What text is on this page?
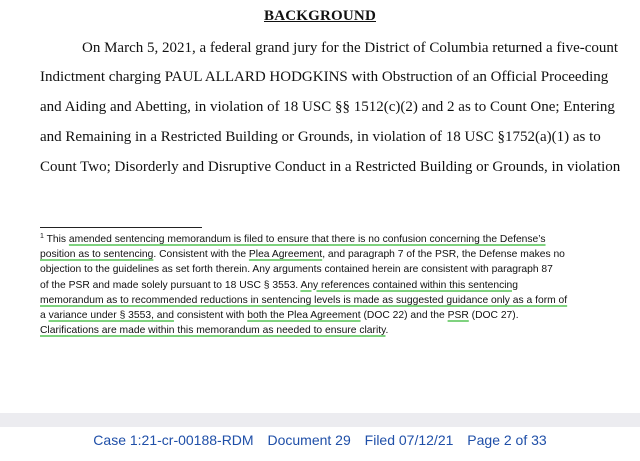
BACKGROUND
On March 5, 2021, a federal grand jury for the District of Columbia returned a five-count
Indictment charging PAUL ALLARD HODGKINS with Obstruction of an Official Proceeding
and Aiding and Abetting, in violation of 18 USC §§ 1512(c)(2) and 2 as to Count One; Entering
and Remaining in a Restricted Building or Grounds, in violation of 18 USC §1752(a)(1) as to
Count Two; Disorderly and Disruptive Conduct in a Restricted Building or Grounds, in violation
$^1$ This amended sentencing memorandum is filed to ensure that there is no confusion concerning the Defense’s
position as to sentencing. Consistent with the Plea Agreement, and paragraph 7 of the PSR, the Defense makes no
objection to the guidelines as set forth therein. Any arguments contained herein are consistent with paragraph 87
of the PSR and made solely pursuant to 18 USC § 3553. Any references contained within this sentencing
memorandum as to recommended reductions in sentencing levels is made as suggested guidance only as a form of
a variance under § 3553, and consistent with both the Plea Agreement (DOC 22) and the PSR (DOC 27).
Clarifications are made within this memorandum as needed to ensure clarity.
Case 1:21-cr-00188-RDM Document 29 Filed 07/12/21 Page 2 of 33
